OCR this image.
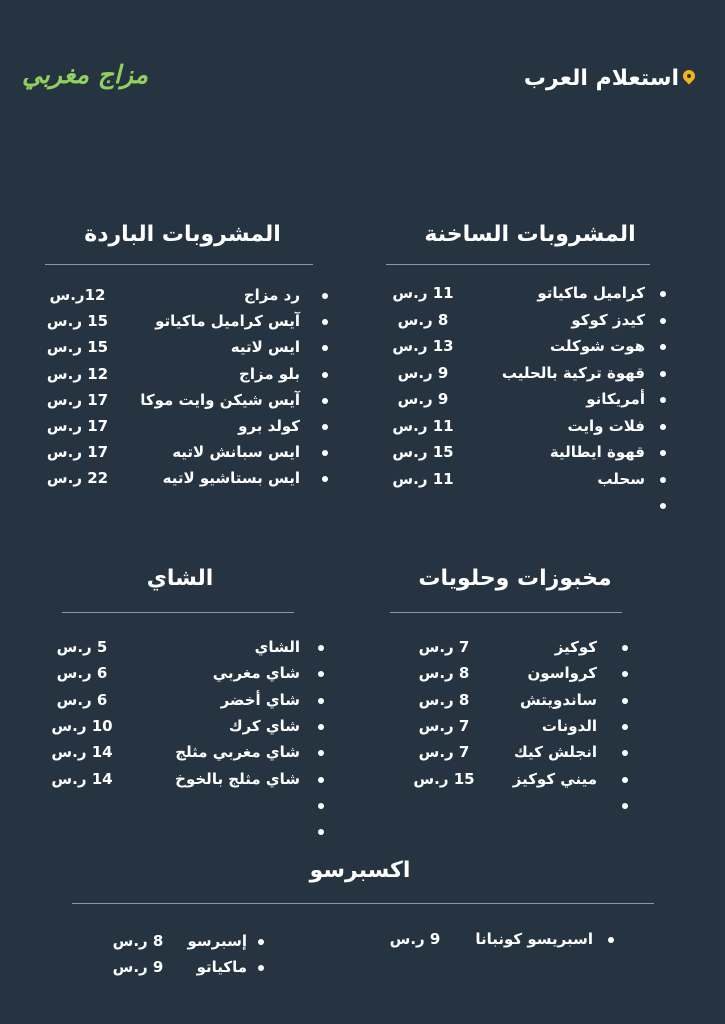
مزاج مغربي	استعلام العرب
المشروبات الساخنة
المشروبات الباردة
مخبوزات وحلويات
الشاي
اكسبرسو
كراميل ماكياتو
11 ر.س
كيدز كوكو
8 ر.س
هوت شوكلت
13 ر.س
قهوة تركية بالحليب
9 ر.س
أمريكانو
9 ر.س
فلات وايت
11 ر.س
قهوة ايطالية
15 ر.س
سحلب
11 ر.س
رد مزاج
12ر.س
آيس كراميل ماكياتو
15 ر.س
ايس لاتيه
15 ر.س
بلو مزاج
12 ر.س
آيس شيكن وايت موكا
17 ر.س
كولد برو
17 ر.س
ايس سبانش لاتيه
17 ر.س
ايس بستاشيو لاتيه
22 ر.س
كوكيز
7 ر.س
كرواسون
8 ر.س
ساندويتش
8 ر.س
الدونات
7 ر.س
انجلش كيك
7 ر.س
ميني كوكيز
15 ر.س
الشاي
5 ر.س
شاي مغربي
6 ر.س
شاي أخضر
6 ر.س
شاي كرك
10 ر.س
شاي مغربي مثلج
14 ر.س
شاي مثلج بالخوخ
14 ر.س
اسبريسو كونبانا
9 ر.س
إسبرسو
8 ر.س
ماكياتو
9 ر.س
